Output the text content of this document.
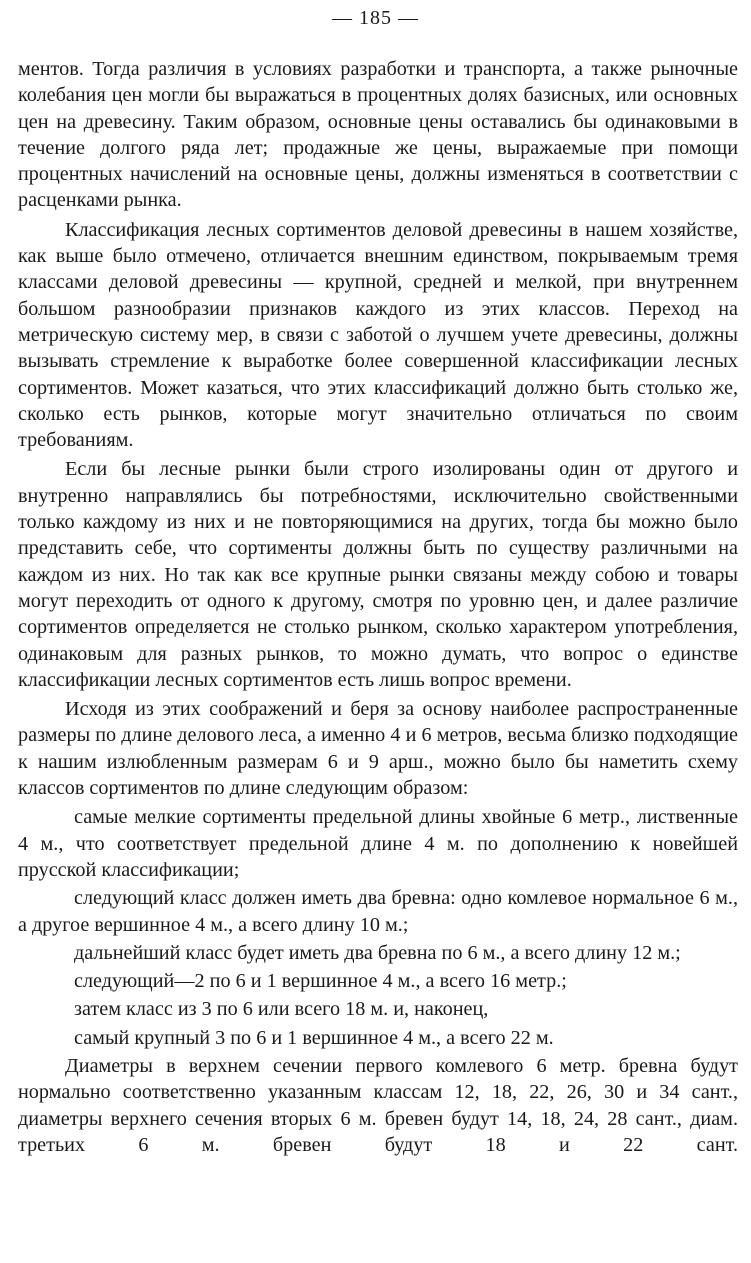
— 185 —

ментов. Тогда различия в условиях разработки и транспорта, а также рыночные колебания цен могли бы выражаться в процентных долях базисных, или основных цен на древесину. Таким образом, основные цены оставались бы одинаковыми в течение долгого ряда лет; продажные же цены, выражаемые при помощи процентных начислений на основные цены, должны изменяться в соответствии с расценками рынка.

Классификация лесных сортиментов деловой древесины в нашем хозяйстве, как выше было отмечено, отличается внешним единством, покрываемым тремя классами деловой древесины — крупной, средней и мелкой, при внутреннем большом разнообразии признаков каждого из этих классов. Переход на метрическую систему мер, в связи с заботой о лучшем учете древесины, должны вызывать стремление к выработке более совершенной классификации лесных сортиментов. Может казаться, что этих классификаций должно быть столько же, сколько есть рынков, которые могут значительно отличаться по своим требованиям.

Если бы лесные рынки были строго изолированы один от другого и внутренно направлялись бы потребностями, исключительно свойственными только каждому из них и не повторяющимися на других, тогда бы можно было представить себе, что сортименты должны быть по существу различными на каждом из них. Но так как все крупные рынки связаны между собою и товары могут переходить от одного к другому, смотря по уровню цен, и далее различие сортиментов определяется не столько рынком, сколько характером употребления, одинаковым для разных рынков, то можно думать, что вопрос о единстве классификации лесных сортиментов есть лишь вопрос времени.

Исходя из этих соображений и беря за основу наиболее распространенные размеры по длине делового леса, а именно 4 и 6 метров, весьма близко подходящие к нашим излюбленным размерам 6 и 9 арш., можно было бы наметить схему классов сортиментов по длине следующим образом:

самые мелкие сортименты предельной длины хвойные 6 метр., лиственные 4 м., что соответствует предельной длине 4 м. по дополнению к новейшей прусской классификации;

следующий класс должен иметь два бревна: одно комлевое нормальное 6 м., а другое вершинное 4 м., а всего длину 10 м.;

дальнейший класс будет иметь два бревна по 6 м., а всего длину 12 м.;

следующий—2 по 6 и 1 вершинное 4 м., а всего 16 метр.;

затем класс из 3 по 6 или всего 18 м. и, наконец,

самый крупный 3 по 6 и 1 вершинное 4 м., а всего 22 м.

Диаметры в верхнем сечении первого комлевого 6 метр. бревна будут нормально соответственно указанным классам 12, 18, 22, 26, 30 и 34 сант., диаметры верхнего сечения вторых 6 м. бревен будут 14, 18, 24, 28 сант., диам. третьих 6 м. бревен будут 18 и 22 сант.
